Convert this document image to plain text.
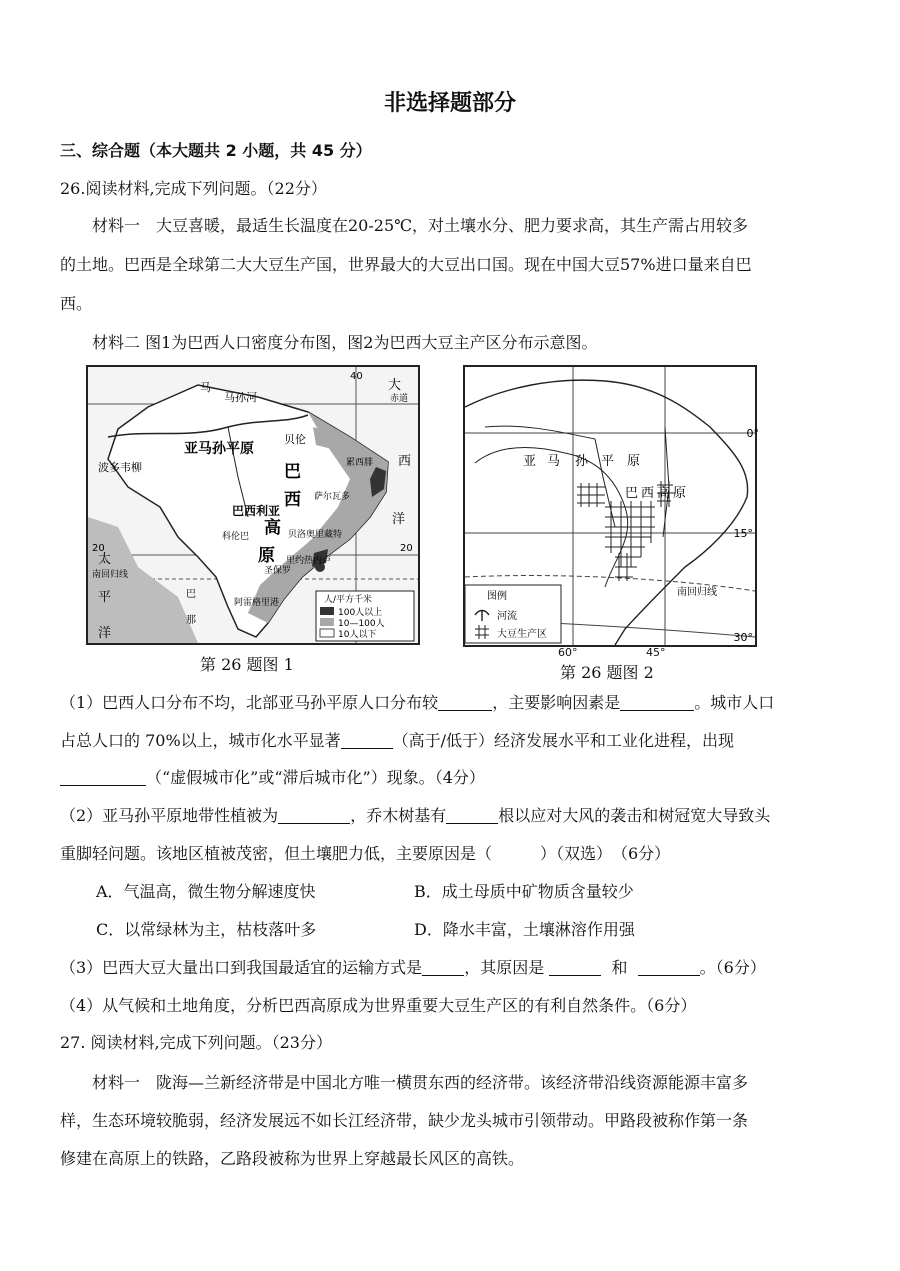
非选择题部分
三、综合题（本大题共 2 小题，共 45 分）
26.阅读材料,完成下列问题。（22分）
材料一　大豆喜暖，最适生长温度在20-25℃，对土壤水分、肥力要求高，其生产需占用较多
的土地。巴西是全球第二大大豆生产国，世界最大的大豆出口国。现在中国大豆57%进口量来自巴
西。
材料二 图1为巴西人口密度分布图，图2为巴西大豆主产区分布示意图。
亚马孙平原
波多韦柳
贝伦
马
马孙河
巴
西
高
原
巴西利亚
累西腓
萨尔瓦多
科伦巴	贝洛奥里藏特
里约热内卢
圣保罗
阿雷格里港
大
西
洋
太
平
洋
赤道
南回归线
20	20
40
巴
那
人/平方千米
100人以上
10—100人
10人以下
第 26 题图 1
亚 马 孙 平 原
巴 西 高 原
0°
15°
30°
南回归线
图例
河流
大豆生产区
第 26 题图 2
60°	45°
（1）巴西人口分布不均，北部亚马孙平原人口分布较	，主要影响因素是	。城市人口
占总人口的 70%以上，城市化水平显著	（高于/低于）经济发展水平和工业化进程，出现
（“虚假城市化”或“滞后城市化”）现象。（4分）
（2）亚马孙平原地带性植被为	，乔木树基有	根以应对大风的袭击和树冠宽大导致头
重脚轻问题。该地区植被茂密，但土壤肥力低，主要原因是（　　　）（双选）　（6分）
A．气温高，微生物分解速度快	B．成土母质中矿物质含量较少
C．以常绿林为主，枯枝落叶多	D．降水丰富，土壤淋溶作用强
（3）巴西大豆大量出口到我国最适宜的运输方式是	，其原因是	和	。（6分）
（4）从气候和土地角度，分析巴西高原成为世界重要大豆生产区的有利自然条件。（6分）
27. 阅读材料,完成下列问题。（23分）
材料一　陇海—兰新经济带是中国北方唯一横贯东西的经济带。该经济带沿线资源能源丰富多
样，生态环境较脆弱，经济发展远不如长江经济带，缺少龙头城市引领带动。甲路段被称作第一条
修建在高原上的铁路，乙路段被称为世界上穿越最长风区的高铁。
